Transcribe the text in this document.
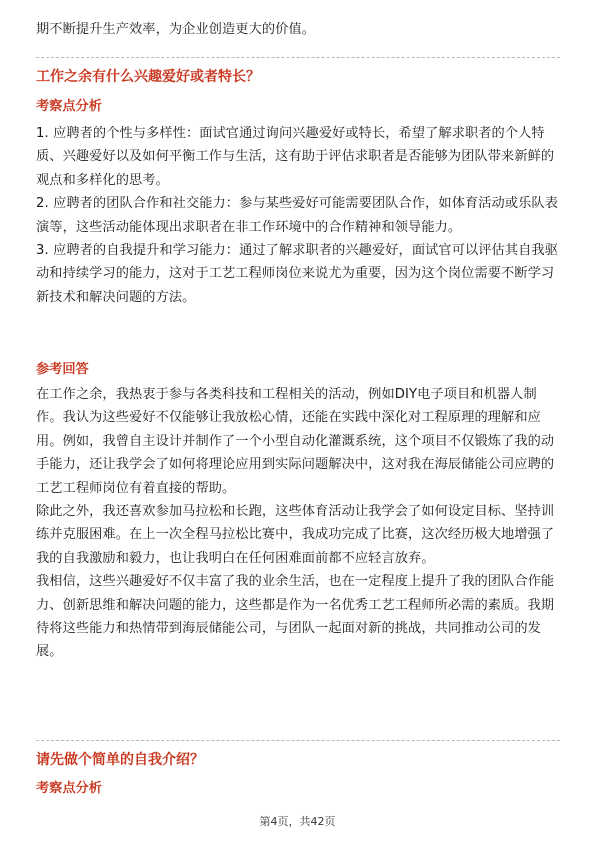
期不断提升生产效率，为企业创造更大的价值。

工作之余有什么兴趣爱好或者特长？
考察点分析

1. 应聘者的个性与多样性：面试官通过询问兴趣爱好或特长，希望了解求职者的个人特质、兴趣爱好以及如何平衡工作与生活，这有助于评估求职者是否能够为团队带来新鲜的观点和多样化的思考。

2. 应聘者的团队合作和社交能力：参与某些爱好可能需要团队合作，如体育活动或乐队表演等，这些活动能体现出求职者在非工作环境中的合作精神和领导能力。

3. 应聘者的自我提升和学习能力：通过了解求职者的兴趣爱好，面试官可以评估其自我驱动和持续学习的能力，这对于工艺工程师岗位来说尤为重要，因为这个岗位需要不断学习新技术和解决问题的方法。

参考回答

在工作之余，我热衷于参与各类科技和工程相关的活动，例如DIY电子项目和机器人制作。我认为这些爱好不仅能够让我放松心情，还能在实践中深化对工程原理的理解和应用。例如，我曾自主设计并制作了一个小型自动化灌溉系统，这个项目不仅锻炼了我的动手能力，还让我学会了如何将理论应用到实际问题解决中，这对我在海辰储能公司应聘的工艺工程师岗位有着直接的帮助。

除此之外，我还喜欢参加马拉松和长跑，这些体育活动让我学会了如何设定目标、坚持训练并克服困难。在上一次全程马拉松比赛中，我成功完成了比赛，这次经历极大地增强了我的自我激励和毅力，也让我明白在任何困难面前都不应轻言放弃。

我相信，这些兴趣爱好不仅丰富了我的业余生活，也在一定程度上提升了我的团队合作能力、创新思维和解决问题的能力，这些都是作为一名优秀工艺工程师所必需的素质。我期待将这些能力和热情带到海辰储能公司，与团队一起面对新的挑战，共同推动公司的发展。

请先做个简单的自我介绍？
考察点分析
第4页，共42页
